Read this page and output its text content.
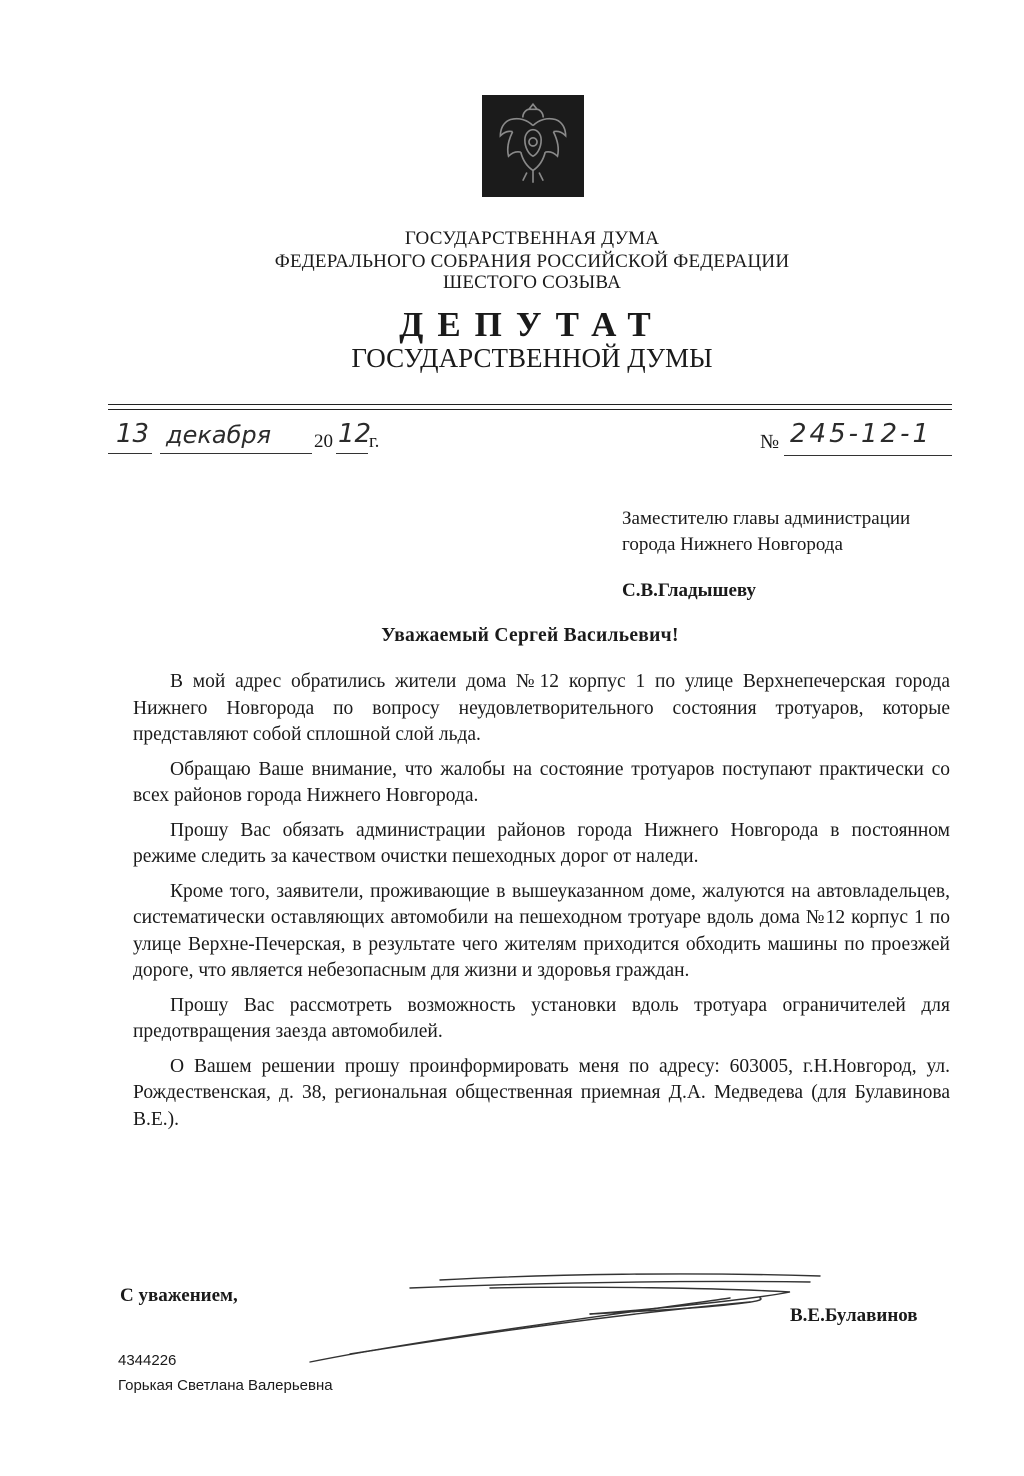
ГОСУДАРСТВЕННАЯ ДУМА
ФЕДЕРАЛЬНОГО СОБРАНИЯ РОССИЙСКОЙ ФЕДЕРАЦИИ
ШЕСТОГО СОЗЫВА
ДЕПУТАТ
ГОСУДАРСТВЕННОЙ ДУМЫ
13 декабря 20 12
г.	№ 245-12-1
Заместителю главы администрации
города Нижнего Новгорода
С.В.Гладышеву
Уважаемый Сергей Васильевич!

В мой адрес обратились жители дома №12 корпус 1 по улице Верхнепечерская города Нижнего Новгорода по вопросу неудовлетворительного состояния тротуаров, которые представляют собой сплошной слой льда.

Обращаю Ваше внимание, что жалобы на состояние тротуаров поступают практически со всех районов города Нижнего Новгорода.

Прошу Вас обязать администрации районов города Нижнего Новгорода в постоянном режиме следить за качеством очистки пешеходных дорог от наледи.

Кроме того, заявители, проживающие в вышеуказанном доме, жалуются на автовладельцев, систематически оставляющих автомобили на пешеходном тротуаре вдоль дома №12 корпус 1 по улице Верхне-Печерская, в результате чего жителям приходится обходить машины по проезжей дороге, что является небезопасным для жизни и здоровья граждан.

Прошу Вас рассмотреть возможность установки вдоль тротуара ограничителей для предотвращения заезда автомобилей.

О Вашем решении прошу проинформировать меня по адресу: 603005, г.Н.Новгород, ул. Рождественская, д. 38, региональная общественная приемная Д.А. Медведева (для Булавинова В.Е.).

С уважением,
В.Е.Булавинов
4344226
Горькая Светлана Валерьевна
